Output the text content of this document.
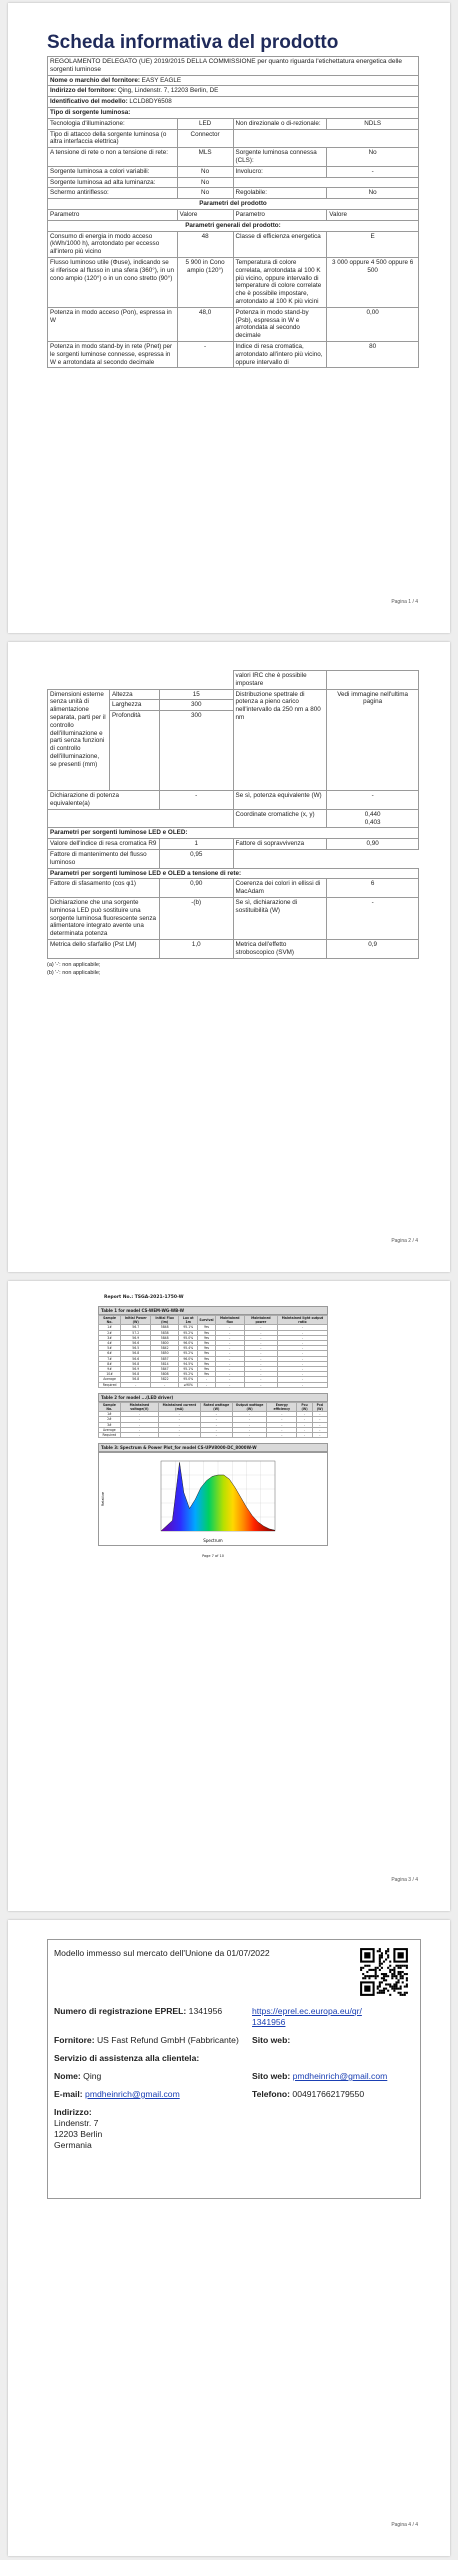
Scheda informativa del prodotto
REGOLAMENTO DELEGATO (UE) 2019/2015 DELLA COMMISSIONE per quanto riguarda l'etichettatura energetica delle sorgenti luminose			
Nome o marchio del fornitore: EASY EAGLE			
Indirizzo del fornitore: Qing, Lindenstr. 7, 12203 Berlin, DE			
Identificativo del modello: LCLD8DY6508			
Tipo di sorgente luminosa:			
Tecnologia d'illuminazione:	LED	Non direzionale o di-rezionale:	NDLS
Tipo di attacco della sorgente luminosa (o altra interfaccia elettrica)	Connector		
A tensione di rete o non a tensione di rete:	MLS	Sorgente luminosa connessa (CLS):	No
Sorgente luminosa a colori variabili:	No	Involucro:	-
Sorgente luminosa ad alta luminanza:	No		
Schermo antiriflesso:	No	Regolabile:	No
Parametri del prodotto			
Parametro	Valore	Parametro	Valore
Parametri generali del prodotto:			
Consumo di energia in modo acceso (kWh/1000 h), arrotondato per eccesso all'intero più vicino	48	Classe di efficienza energetica	E
Flusso luminoso utile (Φuse), indicando se si riferisce al flusso in una sfera (360°), in un cono ampio (120°) o in un cono stretto (90°)	5 900 in Cono ampio (120°)	Temperatura di colore correlata, arrotondata al 100 K più vicino, oppure intervallo di temperature di colore correlate che è possibile impostare, arrotondato al 100 K più vicini	3 000 oppure 4 500 oppure 6 500
Potenza in modo acceso (Pon), espressa in W	48,0	Potenza in modo stand-by (Psb), espressa in W e arrotondata al secondo decimale	0,00
Potenza in modo stand-by in rete (Pnet) per le sorgenti luminose connesse, espressa in W e arrotondata al secondo decimale	-	Indice di resa cromatica, arrotondato all'intero più vicino, oppure intervallo di	80
Pagina 1 / 4
			valori IRC che è possibile impostare	
Dimensioni esterne senza unità di alimentazione separata, parti per il controllo dell'illuminazione e parti senza funzioni di controllo dell'illuminazione, se presenti (mm)	Altezza	15	Distribuzione spettrale di potenza a pieno carico nell'intervallo da 250 nm a 800 nm	Vedi immagine nell'ultima pagina
	Larghezza	300		
	Profondità	300		
Dichiarazione di potenza equivalente(a)		-	Se sì, potenza equivalente (W)	-
			Coordinate cromatiche (x, y)	0,440
0,403
Parametri per sorgenti luminose LED e OLED:				
Valore dell'indice di resa cromatica R9		1	Fattore di sopravvivenza	0,90
Fattore di mantenimento del flusso luminoso		0,95		
Parametri per sorgenti luminose LED e OLED a tensione di rete:				
Fattore di sfasamento (cos φ1)		0,90	Coerenza dei colori in ellissi di MacAdam	6
Dichiarazione che una sorgente luminosa LED può sostituire una sorgente luminosa fluorescente senza alimentatore integrato avente una determinata potenza		-(b)	Se sì, dichiarazione di sostituibilità (W)	-
Metrica dello sfarfallio (Pst LM)		1,0	Metrica dell'effetto stroboscopico (SVM)	0,9
(a) '-': non applicabile;
(b) '-': non applicabile;
Pagina 2 / 4
Report No.: TSGA-2021-1750-W
Table 1 for model CS-WEM-WG-WB-W
Sample No.	Initial Power (W)	Initial Flux (lm)	Lux at 1m	Survival	Maintained flux	Maintained power	Maintained light output ratio
1#	56.7	5848	95.1%	Yes	-	-	-
2#	57.2	5838	95.2%	Yes	-	-	-
3#	56.9	5848	95.0%	Yes	-	-	-
4#	56.6	5800	96.0%	Yes	-	-	-
5#	56.5	5842	95.4%	Yes	-	-	-
6#	56.8	5850	95.2%	Yes	-	-	-
7#	56.6	5857	96.0%	Yes	-	-	-
8#	56.8	5814	94.5%	Yes	-	-	-
9#	56.9	5847	95.1%	Yes	-	-	-
10#	56.8	5808	95.2%	Yes	-	-	-
Average	56.8	5822	95.0%	-	-	-	-
Required	-	-	≥90%	-	-	-	-
Table 2 for model ...(LED driver)
Sample No.	Maintained voltage(V)	Maintained current (mA)	Rated wattage (W)	Output wattage (W)	Energy efficiency	Pcu (W)	Pcd (W)
1#	-	-	-	-	-	-	-
2#	-	-	-	-	-	-	-
3#	-	-	-	-	-	-	-
Average	-	-	-	-	-	-	-
Required	-	-	-	-	-	-	-
Table 3: Spectrum & Power Plot_for model CS-UPV8000-DC_8000W-W
Spectrum
Relative
Page 7 of 10
Pagina 3 / 4
Modello immesso sul mercato dell'Unione da 01/07/2022
Numero di registrazione EPREL: 1341956	https://eprel.ec.europa.eu/qr/1341956
Fornitore: US Fast Refund GmbH (Fabbricante) Sito web:
Servizio di assistenza alla clientela:
Nome: Qing	Sito web: pmdheinrich@gmail.com
E-mail: pmdheinrich@gmail.com	Telefono: 004917662179550
Indirizzo:
Lindenstr. 7
12203 Berlin
Germania
Pagina 4 / 4
